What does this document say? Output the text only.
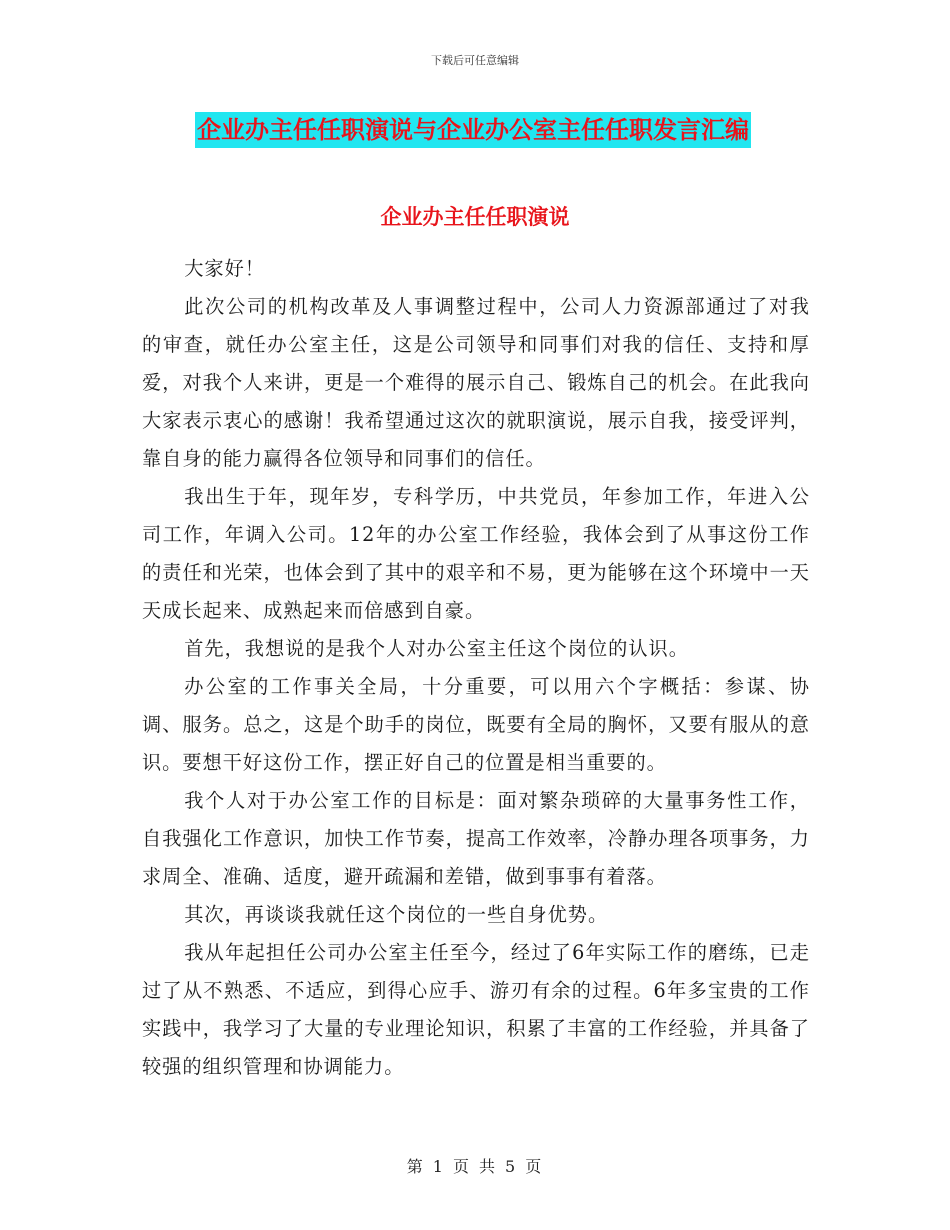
下载后可任意编辑
企业办主任任职演说与企业办公室主任任职发言汇编
企业办主任任职演说

大家好！

此次公司的机构改革及人事调整过程中，公司人力资源部通过了对我的审查，就任办公室主任，这是公司领导和同事们对我的信任、支持和厚爱，对我个人来讲，更是一个难得的展示自己、锻炼自己的机会。在此我向大家表示衷心的感谢！我希望通过这次的就职演说，展示自我，接受评判，靠自身的能力赢得各位领导和同事们的信任。

我出生于年，现年岁，专科学历，中共党员，年参加工作，年进入公司工作，年调入公司。12年的办公室工作经验，我体会到了从事这份工作的责任和光荣，也体会到了其中的艰辛和不易，更为能够在这个环境中一天天成长起来、成熟起来而倍感到自豪。

首先，我想说的是我个人对办公室主任这个岗位的认识。

办公室的工作事关全局，十分重要，可以用六个字概括：参谋、协调、服务。总之，这是个助手的岗位，既要有全局的胸怀，又要有服从的意识。要想干好这份工作，摆正好自己的位置是相当重要的。

我个人对于办公室工作的目标是：面对繁杂琐碎的大量事务性工作，自我强化工作意识，加快工作节奏，提高工作效率，冷静办理各项事务，力求周全、准确、适度，避开疏漏和差错，做到事事有着落。

其次，再谈谈我就任这个岗位的一些自身优势。

我从年起担任公司办公室主任至今，经过了6年实际工作的磨练，已走过了从不熟悉、不适应，到得心应手、游刃有余的过程。6年多宝贵的工作实践中，我学习了大量的专业理论知识，积累了丰富的工作经验，并具备了较强的组织管理和协调能力。

第 1 页 共 5 页
